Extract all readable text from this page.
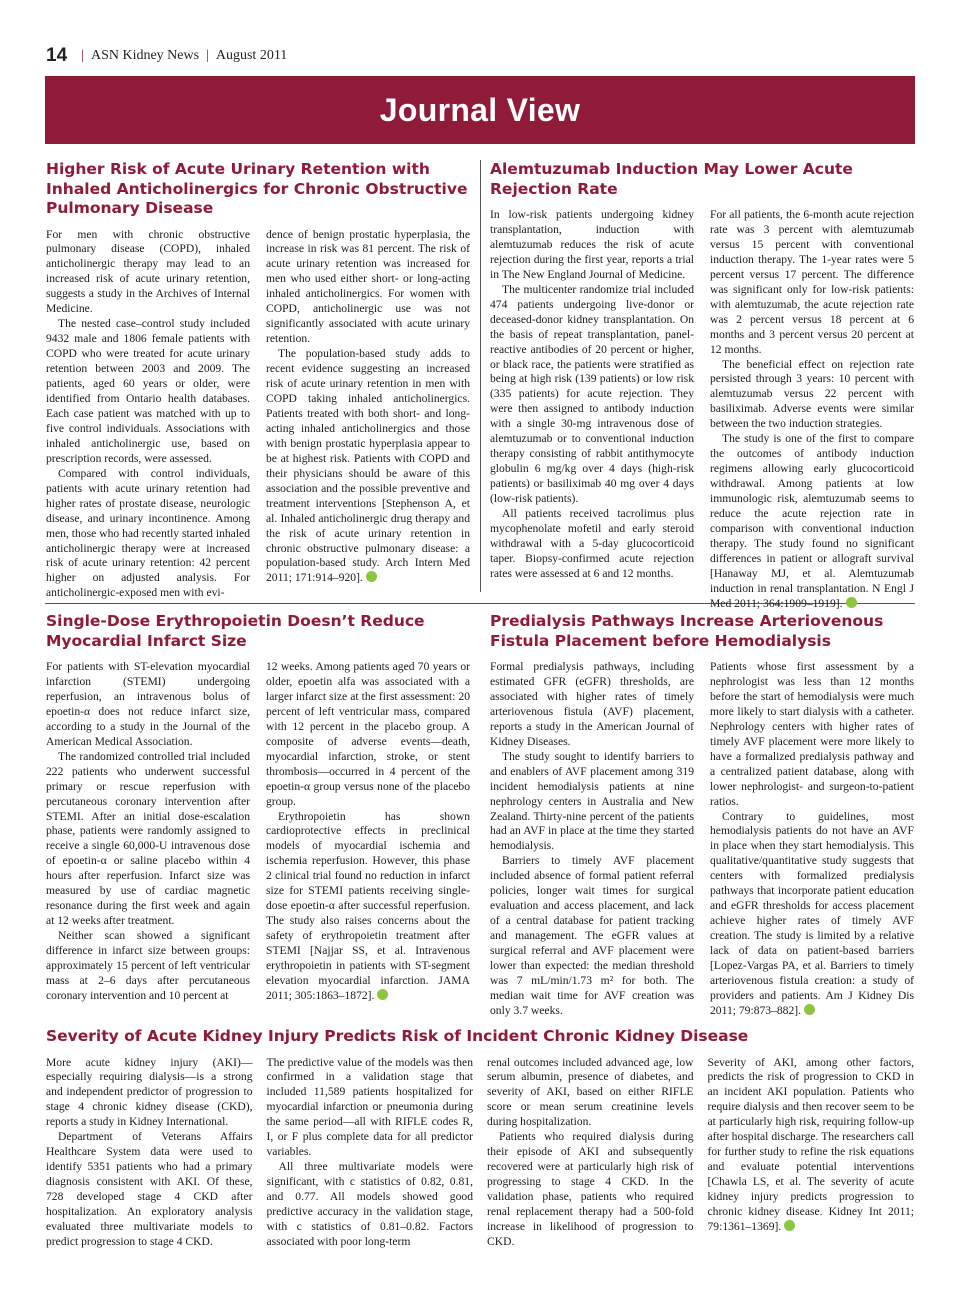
14 | ASN Kidney News | August 2011
Journal View
Higher Risk of Acute Urinary Retention with Inhaled Anticholinergics for Chronic Obstructive Pulmonary Disease

For men with chronic obstructive pulmonary disease (COPD), inhaled anticholinergic therapy may lead to an increased risk of acute urinary retention, suggests a study in the Archives of Internal Medicine.

The nested case–control study included 9432 male and 1806 female patients with COPD who were treated for acute urinary retention between 2003 and 2009. The patients, aged 60 years or older, were identified from Ontario health databases. Each case patient was matched with up to five control individuals. Associations with inhaled anticholinergic use, based on prescription records, were assessed.

Compared with control individuals, patients with acute urinary retention had higher rates of prostate disease, neurologic disease, and urinary incontinence. Among men, those who had recently started inhaled anticholinergic therapy were at increased risk of acute urinary retention: 42 percent higher on adjusted analysis. For anticholinergic-exposed men with evi-

dence of benign prostatic hyperplasia, the increase in risk was 81 percent. The risk of acute urinary retention was increased for men who used either short- or long-acting inhaled anticholinergics. For women with COPD, anticholinergic use was not significantly associated with acute urinary retention.

The population-based study adds to recent evidence suggesting an increased risk of acute urinary retention in men with COPD taking inhaled anticholinergics. Patients treated with both short- and long-acting inhaled anticholinergics and those with benign prostatic hyperplasia appear to be at highest risk. Patients with COPD and their physicians should be aware of this association and the possible preventive and treatment interventions [Stephenson A, et al. Inhaled anticholinergic drug therapy and the risk of acute urinary retention in chronic obstructive pulmonary disease: a population-based study. Arch Intern Med 2011; 171:914–920].

Alemtuzumab Induction May Lower Acute Rejection Rate

In low-risk patients undergoing kidney transplantation, induction with alemtuzumab reduces the risk of acute rejection during the first year, reports a trial in The New England Journal of Medicine.

The multicenter randomize trial included 474 patients undergoing live-donor or deceased-donor kidney transplantation. On the basis of repeat transplantation, panel-reactive antibodies of 20 percent or higher, or black race, the patients were stratified as being at high risk (139 patients) or low risk (335 patients) for acute rejection. They were then assigned to antibody induction with a single 30-mg intravenous dose of alemtuzumab or to conventional induction therapy consisting of rabbit antithymocyte globulin 6 mg/kg over 4 days (high-risk patients) or basiliximab 40 mg over 4 days (low-risk patients).

All patients received tacrolimus plus mycophenolate mofetil and early steroid withdrawal with a 5-day glucocorticoid taper. Biopsy-confirmed acute rejection rates were assessed at 6 and 12 months.

For all patients, the 6-month acute rejection rate was 3 percent with alemtuzumab versus 15 percent with conventional induction therapy. The 1-year rates were 5 percent versus 17 percent. The difference was significant only for low-risk patients: with alemtuzumab, the acute rejection rate was 2 percent versus 18 percent at 6 months and 3 percent versus 20 percent at 12 months.

The beneficial effect on rejection rate persisted through 3 years: 10 percent with alemtuzumab versus 22 percent with basiliximab. Adverse events were similar between the two induction strategies.

The study is one of the first to compare the outcomes of antibody induction regimens allowing early glucocorticoid withdrawal. Among patients at low immunologic risk, alemtuzumab seems to reduce the acute rejection rate in comparison with conventional induction therapy. The study found no significant differences in patient or allograft survival [Hanaway MJ, et al. Alemtuzumab induction in renal transplantation. N Engl J Med 2011; 364:1909–1919].

Single-Dose Erythropoietin Doesn’t Reduce Myocardial Infarct Size

For patients with ST-elevation myocardial infarction (STEMI) undergoing reperfusion, an intravenous bolus of epoetin-α does not reduce infarct size, according to a study in the Journal of the American Medical Association.

The randomized controlled trial included 222 patients who underwent successful primary or rescue reperfusion with percutaneous coronary intervention after STEMI. After an initial dose-escalation phase, patients were randomly assigned to receive a single 60,000-U intravenous dose of epoetin-α or saline placebo within 4 hours after reperfusion. Infarct size was measured by use of cardiac magnetic resonance during the first week and again at 12 weeks after treatment.

Neither scan showed a significant difference in infarct size between groups: approximately 15 percent of left ventricular mass at 2–6 days after percutaneous coronary intervention and 10 percent at

12 weeks. Among patients aged 70 years or older, epoetin alfa was associated with a larger infarct size at the first assessment: 20 percent of left ventricular mass, compared with 12 percent in the placebo group. A composite of adverse events—death, myocardial infarction, stroke, or stent thrombosis—occurred in 4 percent of the epoetin-α group versus none of the placebo group.

Erythropoietin has shown cardioprotective effects in preclinical models of myocardial ischemia and ischemia reperfusion. However, this phase 2 clinical trial found no reduction in infarct size for STEMI patients receiving single-dose epoetin-α after successful reperfusion. The study also raises concerns about the safety of erythropoietin treatment after STEMI [Najjar SS, et al. Intravenous erythropoietin in patients with ST-segment elevation myocardial infarction. JAMA 2011; 305:1863–1872].

Predialysis Pathways Increase Arteriovenous Fistula Placement before Hemodialysis

Formal predialysis pathways, including estimated GFR (eGFR) thresholds, are associated with higher rates of timely arteriovenous fistula (AVF) placement, reports a study in the American Journal of Kidney Diseases.

The study sought to identify barriers to and enablers of AVF placement among 319 incident hemodialysis patients at nine nephrology centers in Australia and New Zealand. Thirty-nine percent of the patients had an AVF in place at the time they started hemodialysis.

Barriers to timely AVF placement included absence of formal patient referral policies, longer wait times for surgical evaluation and access placement, and lack of a central database for patient tracking and management. The eGFR values at surgical referral and AVF placement were lower than expected: the median threshold was 7 mL/min/1.73 m² for both. The median wait time for AVF creation was only 3.7 weeks.

Patients whose first assessment by a nephrologist was less than 12 months before the start of hemodialysis were much more likely to start dialysis with a catheter. Nephrology centers with higher rates of timely AVF placement were more likely to have a formalized predialysis pathway and a centralized patient database, along with lower nephrologist- and surgeon-to-patient ratios.

Contrary to guidelines, most hemodialysis patients do not have an AVF in place when they start hemodialysis. This qualitative/quantitative study suggests that centers with formalized predialysis pathways that incorporate patient education and eGFR thresholds for access placement achieve higher rates of timely AVF creation. The study is limited by a relative lack of data on patient-based barriers [Lopez-Vargas PA, et al. Barriers to timely arteriovenous fistula creation: a study of providers and patients. Am J Kidney Dis 2011; 79:873–882].

Severity of Acute Kidney Injury Predicts Risk of Incident Chronic Kidney Disease

More acute kidney injury (AKI)—especially requiring dialysis—is a strong and independent predictor of progression to stage 4 chronic kidney disease (CKD), reports a study in Kidney International.

Department of Veterans Affairs Healthcare System data were used to identify 5351 patients who had a primary diagnosis consistent with AKI. Of these, 728 developed stage 4 CKD after hospitalization. An exploratory analysis evaluated three multivariate models to predict progression to stage 4 CKD.

The predictive value of the models was then confirmed in a validation stage that included 11,589 patients hospitalized for myocardial infarction or pneumonia during the same period—all with RIFLE codes R, I, or F plus complete data for all predictor variables.

All three multivariate models were significant, with c statistics of 0.82, 0.81, and 0.77. All models showed good predictive accuracy in the validation stage, with c statistics of 0.81–0.82. Factors associated with poor long-term

renal outcomes included advanced age, low serum albumin, presence of diabetes, and severity of AKI, based on either RIFLE score or mean serum creatinine levels during hospitalization.

Patients who required dialysis during their episode of AKI and subsequently recovered were at particularly high risk of progressing to stage 4 CKD. In the validation phase, patients who required renal replacement therapy had a 500-fold increase in likelihood of progression to CKD.

Severity of AKI, among other factors, predicts the risk of progression to CKD in an incident AKI population. Patients who require dialysis and then recover seem to be at particularly high risk, requiring follow-up after hospital discharge. The researchers call for further study to refine the risk equations and evaluate potential interventions [Chawla LS, et al. The severity of acute kidney injury predicts progression to chronic kidney disease. Kidney Int 2011; 79:1361–1369].
